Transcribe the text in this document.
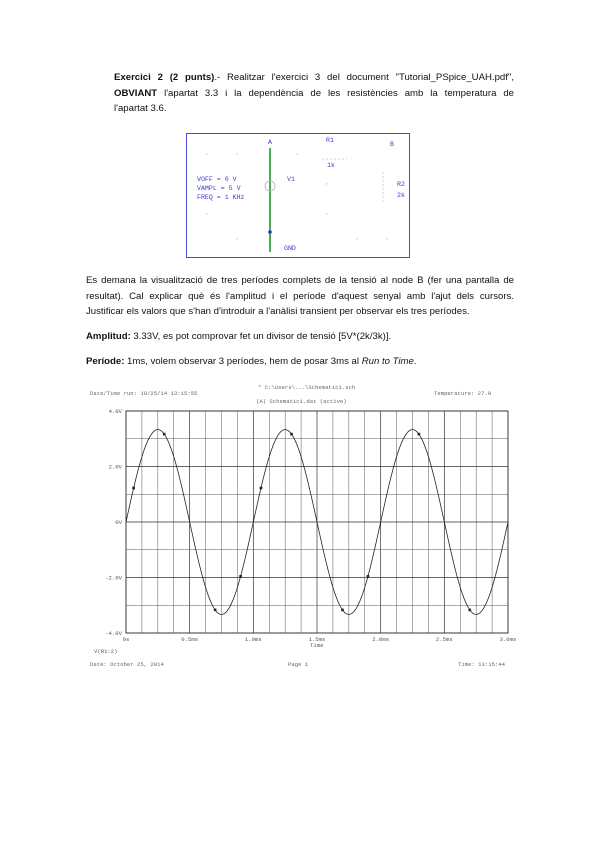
Exercici 2 (2 punts).- Realitzar l'exercici 3 del document "Tutorial_PSpice_UAH.pdf",
OBVIANT l'apartat 3.3 i la dependència de les resistències amb la temperatura de
l'apartat 3.6.
A	R1
1k
B
R2
2k
V1
VOFF = 0 V
VAMPL = 5 V
FREQ = 1 KHz
GND
Es demana la visualització de tres períodes complets de la tensió al node B (fer una pantalla de
resultat). Cal explicar què és l'amplitud i el període d'aquest senyal amb l'ajut dels cursors.
Justificar els valors que s'han d'introduir a l'anàlisi transient per observar els tres períodes.
Amplitud: 3.33V, es pot comprovar fet un divisor de tensió [5V*(2k/3k)].
Període: 1ms, volem observar 3 períodes, hem de posar 3ms al Run to Time.
Date/Time run: 10/25/14 13:15:55
* C:\Users\...\Schematic1.sch
Temperature: 27.0
(A) Schematic1.dat (active)
-4.0V
-2.0V
0V
2.0V
4.0V
0s	0.5ms	1.0ms	1.5ms	2.0ms	2.5ms	3.0ms
V(R1:2)
Time
Date: October 25, 2014	Page 1	Time: 13:15:44
